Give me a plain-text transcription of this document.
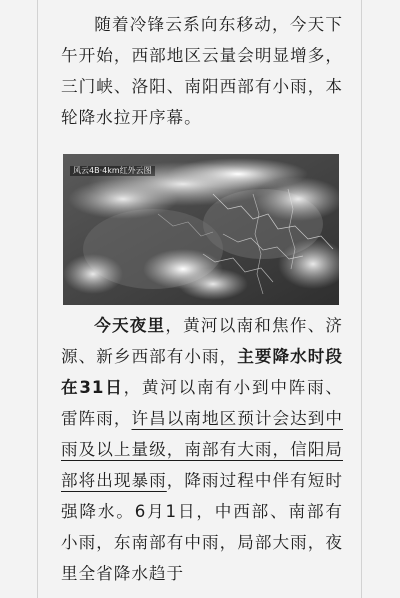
随着冷锋云系向东移动，今天下午开始，西部地区云量会明显增多，三门峡、洛阳、南阳西部有小雨，本轮降水拉开序幕。

风云4B·4km红外云图

今天夜里，黄河以南和焦作、济源、新乡西部有小雨，主要降水时段在31日，黄河以南有小到中阵雨、雷阵雨，许昌以南地区预计会达到中雨及以上量级，南部有大雨，信阳局部将出现暴雨，降雨过程中伴有短时强降水。6月1日，中西部、南部有小雨，东南部有中雨，局部大雨，夜里全省降水趋于
